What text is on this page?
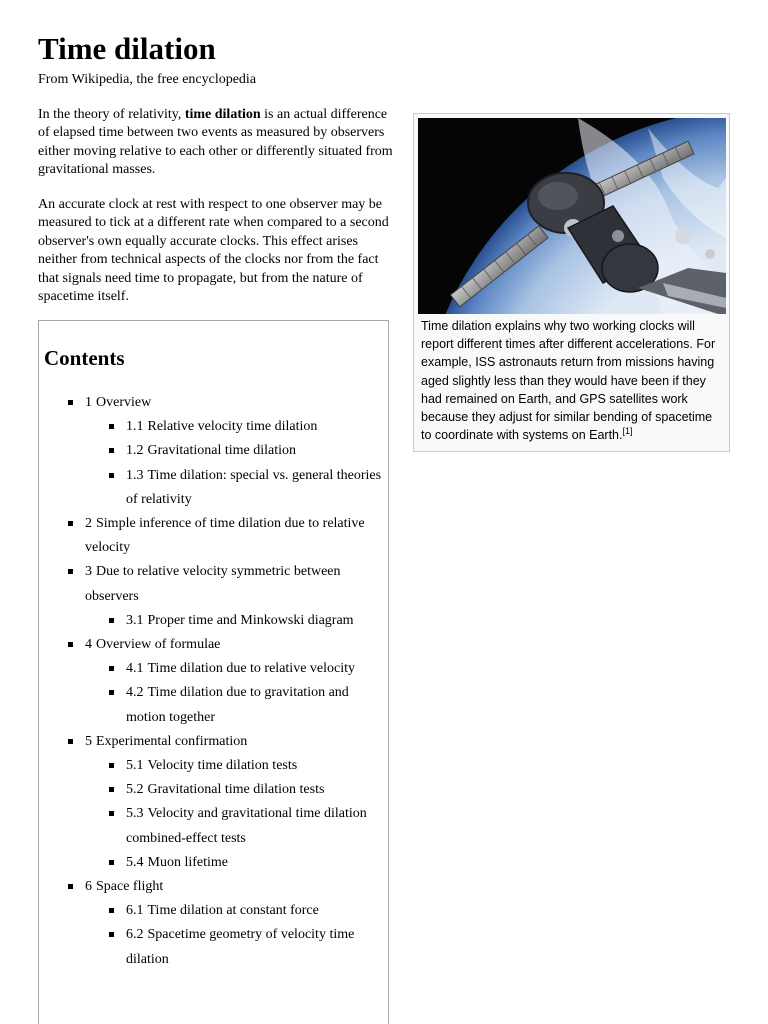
Time dilation
From Wikipedia, the free encyclopedia

In the theory of relativity, time dilation is an actual difference of elapsed time between two events as measured by observers either moving relative to each other or differently situated from gravitational masses.

An accurate clock at rest with respect to one observer may be measured to tick at a different rate when compared to a second observer's own equally accurate clocks. This effect arises neither from technical aspects of the clocks nor from the fact that signals need time to propagate, but from the nature of spacetime itself.

Time dilation explains why two working clocks will report different times after different accelerations. For example, ISS astronauts return from missions having aged slightly less than they would have been if they had remained on Earth, and GPS satellites work because they adjust for similar bending of spacetime to coordinate with systems on Earth.[1]
Contents
1 Overview
1.1 Relative velocity time dilation
1.2 Gravitational time dilation
1.3 Time dilation: special vs. general theories of relativity
2 Simple inference of time dilation due to relative velocity
3 Due to relative velocity symmetric between observers
3.1 Proper time and Minkowski diagram
4 Overview of formulae
4.1 Time dilation due to relative velocity
4.2 Time dilation due to gravitation and motion together
5 Experimental confirmation
5.1 Velocity time dilation tests
5.2 Gravitational time dilation tests
5.3 Velocity and gravitational time dilation combined-effect tests
5.4 Muon lifetime
6 Space flight
6.1 Time dilation at constant force
6.2 Spacetime geometry of velocity time dilation
